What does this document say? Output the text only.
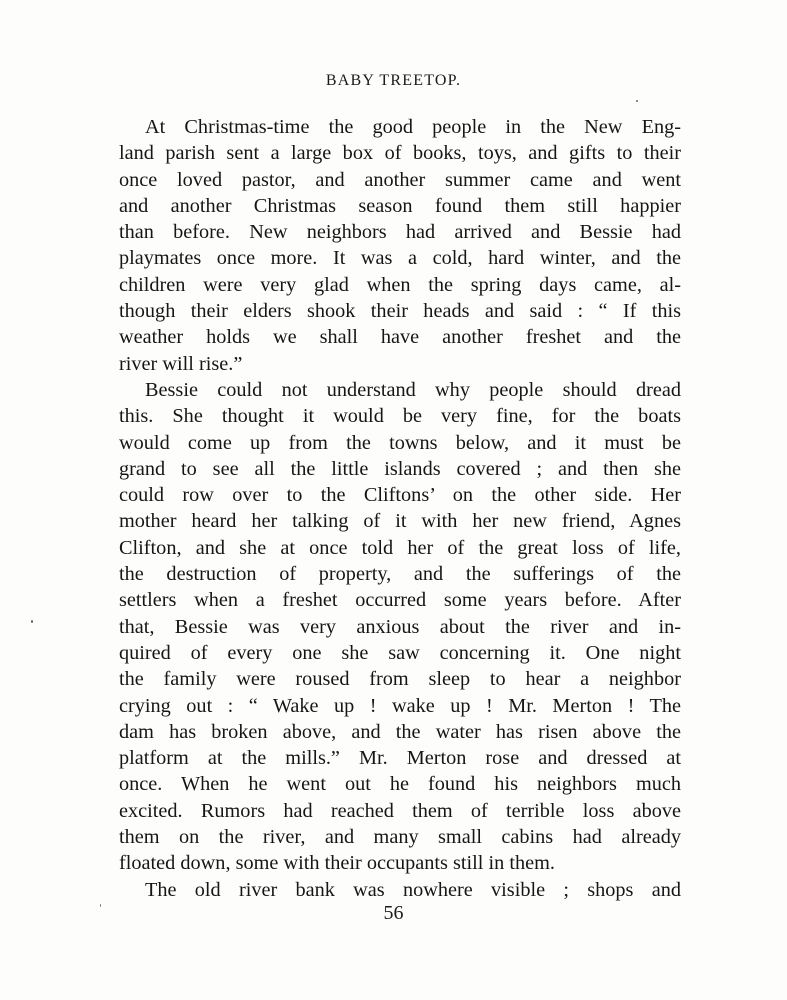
BABY TREETOP.

At Christmas-time the good people in the New Eng-
land parish sent a large box of books, toys, and gifts to their
once loved pastor, and another summer came and went
and another Christmas season found them still happier
than before. New neighbors had arrived and Bessie had
playmates once more. It was a cold, hard winter, and the
children were very glad when the spring days came, al-
though their elders shook their heads and said : “ If this
weather holds we shall have another freshet and the
river will rise.”

Bessie could not understand why people should dread
this. She thought it would be very fine, for the boats
would come up from the towns below, and it must be
grand to see all the little islands covered ; and then she
could row over to the Cliftons’ on the other side. Her
mother heard her talking of it with her new friend, Agnes
Clifton, and she at once told her of the great loss of life,
the destruction of property, and the sufferings of the
settlers when a freshet occurred some years before. After
that, Bessie was very anxious about the river and in-
quired of every one she saw concerning it. One night
the family were roused from sleep to hear a neighbor
crying out : “ Wake up ! wake up ! Mr. Merton ! The
dam has broken above, and the water has risen above the
platform at the mills.” Mr. Merton rose and dressed at
once. When he went out he found his neighbors much
excited. Rumors had reached them of terrible loss above
them on the river, and many small cabins had already
floated down, some with their occupants still in them.

The old river bank was nowhere visible ; shops and

56
